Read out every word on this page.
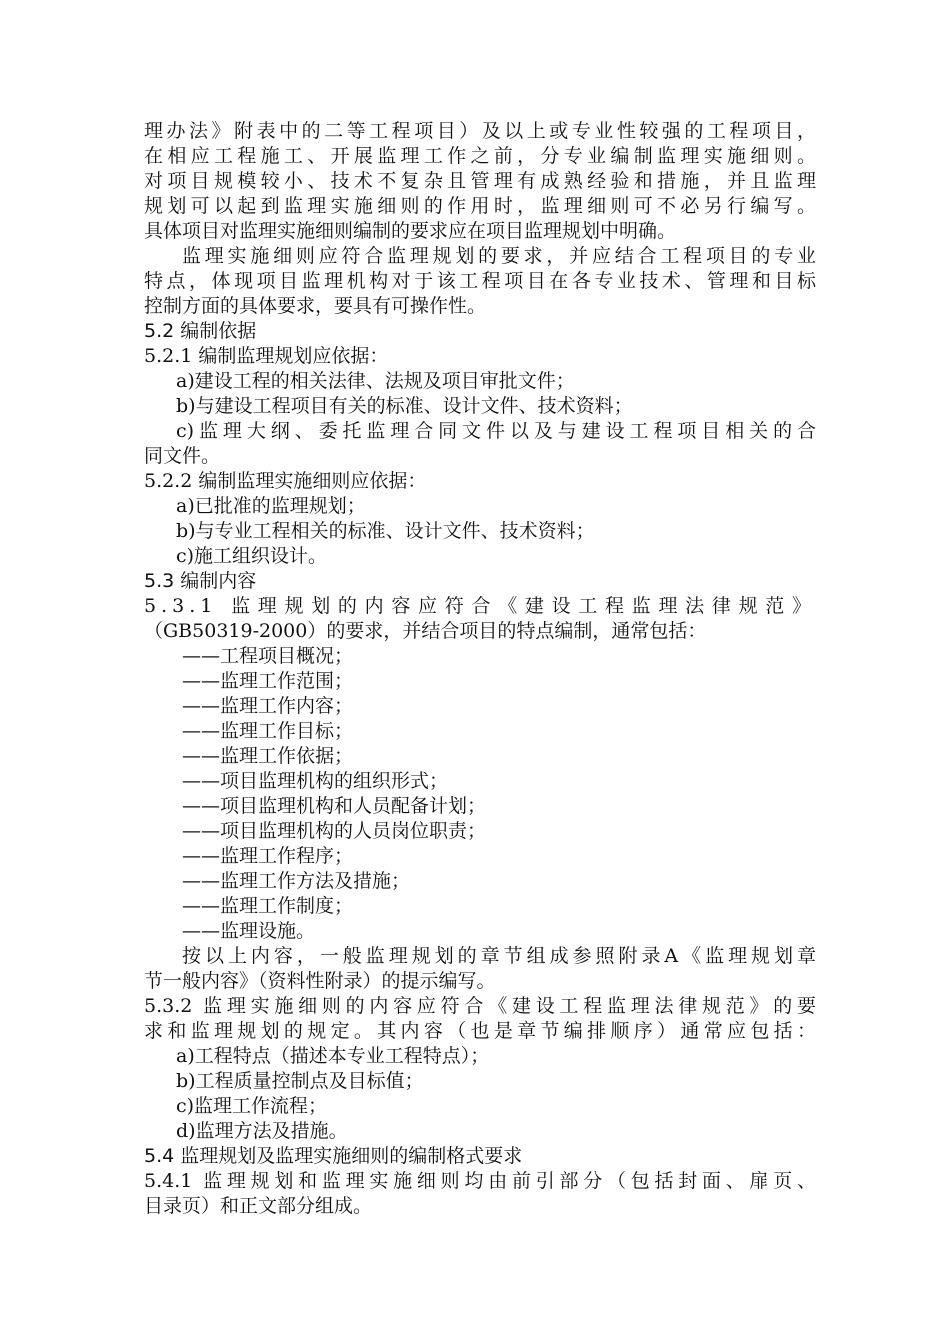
理办法》附表中的二等工程项目）及以上或专业性较强的工程项目，
在相应工程施工、开展监理工作之前，分专业编制监理实施细则。
对项目规模较小、技术不复杂且管理有成熟经验和措施，并且监理
规划可以起到监理实施细则的作用时，监理细则可不必另行编写。
具体项目对监理实施细则编制的要求应在项目监理规划中明确。
监理实施细则应符合监理规划的要求，并应结合工程项目的专业
特点，体现项目监理机构对于该工程项目在各专业技术、管理和目标
控制方面的具体要求，要具有可操作性。
5.2 编制依据
5.2.1 编制监理规划应依据：
a)建设工程的相关法律、法规及项目审批文件；
b)与建设工程项目有关的标准、设计文件、技术资料；
c)监理大纲、委托监理合同文件以及与建设工程项目相关的合
同文件。
5.2.2 编制监理实施细则应依据：
a)已批准的监理规划；
b)与专业工程相关的标准、设计文件、技术资料；
c)施工组织设计。
5.3 编制内容
5.3.1 监理规划的内容应符合《建设工程监理法律规范》
（GB50319-2000）的要求，并结合项目的特点编制，通常包括：
——工程项目概况；
——监理工作范围；
——监理工作内容；
——监理工作目标；
——监理工作依据；
——项目监理机构的组织形式；
——项目监理机构和人员配备计划；
——项目监理机构的人员岗位职责；
——监理工作程序；
——监理工作方法及措施；
——监理工作制度；
——监理设施。
按以上内容，一般监理规划的章节组成参照附录A《监理规划章
节一般内容》（资料性附录）的提示编写。
5.3.2 监理实施细则的内容应符合《建设工程监理法律规范》的要
求和监理规划的规定。其内容（也是章节编排顺序）通常应包括：
a)工程特点（描述本专业工程特点）；
b)工程质量控制点及目标值；
c)监理工作流程；
d)监理方法及措施。
5.4 监理规划及监理实施细则的编制格式要求
5.4.1 监理规划和监理实施细则均由前引部分（包括封面、扉页、
目录页）和正文部分组成。
